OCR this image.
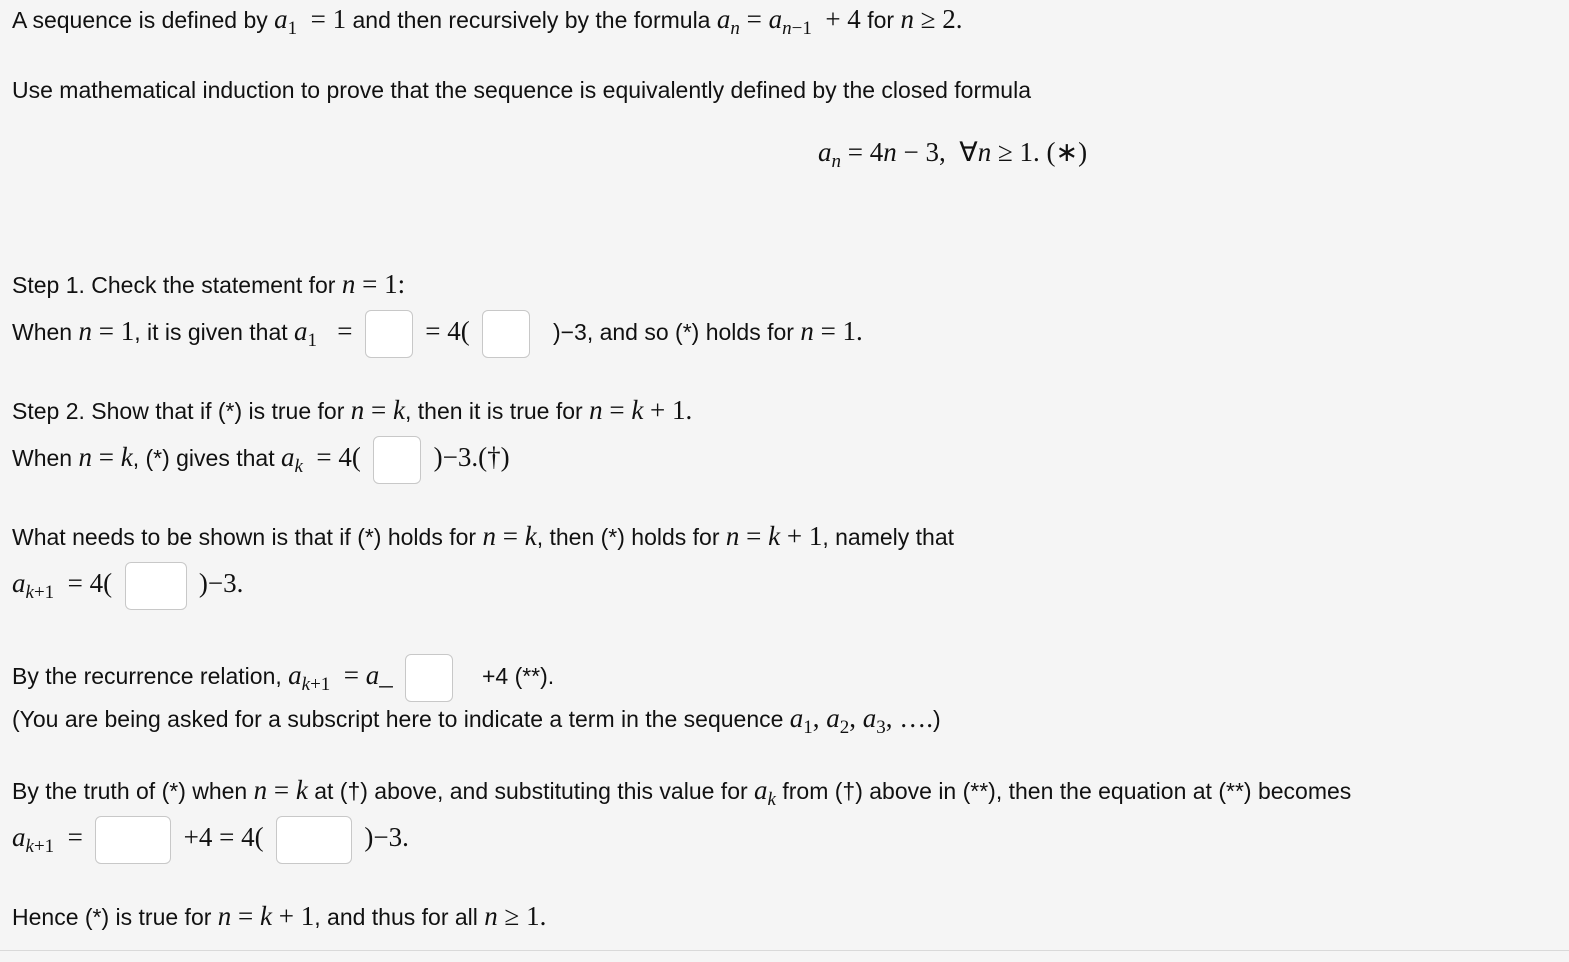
A sequence is defined by $a_1 = 1$ and then recursively by the formula $a_n = a_{n-1} + 4$ for n ≥ 2.
Use mathematical induction to prove that the sequence is equivalently defined by the closed formula
$a_n = 4n - 3$,  ∀n ≥ 1. (∗)
Step 1. Check the statement for n = 1:
When n = 1, it is given that $a_1$   =	= 4(	)−3, and so (*) holds for n = 1.
Step 2. Show that if (*) is true for n = k, then it is true for n = k + 1.
When n = k, (*) gives that $a_k = 4$(	)−3.(†)
What needs to be shown is that if (*) holds for n = k, then (*) holds for n = k + 1, namely that
$a_{k+1} = 4$(	)−3.
By the recurrence relation, $a_{k+1}$  = a_	+4 (**).
(You are being asked for a subscript here to indicate a term in the sequence $a_1$, $a_2$, $a_3$, ….)
By the truth of (*) when n = k at (†) above, and substituting this value for $a_k$ from (†) above in (**), then the equation at (**) becomes
$a_{k+1}$  =	+4 = 4(	)−3.
Hence (*) is true for n = k + 1, and thus for all n ≥ 1.
